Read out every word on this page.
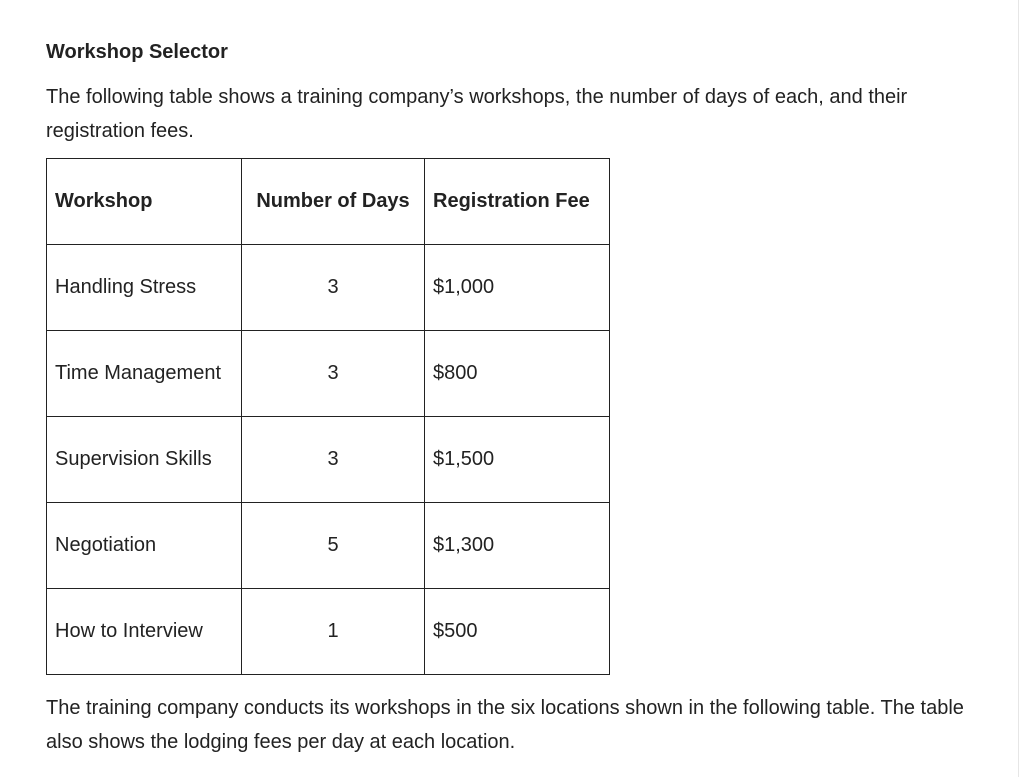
Workshop Selector

The following table shows a training company’s workshops, the number of days of each, and their registration fees.

Workshop	Number of Days	Registration Fee
Handling Stress	3	$1,000
Time Management	3	$800
Supervision Skills	3	$1,500
Negotiation	5	$1,300
How to Interview	1	$500

The training company conducts its workshops in the six locations shown in the following table. The table also shows the lodging fees per day at each location.
